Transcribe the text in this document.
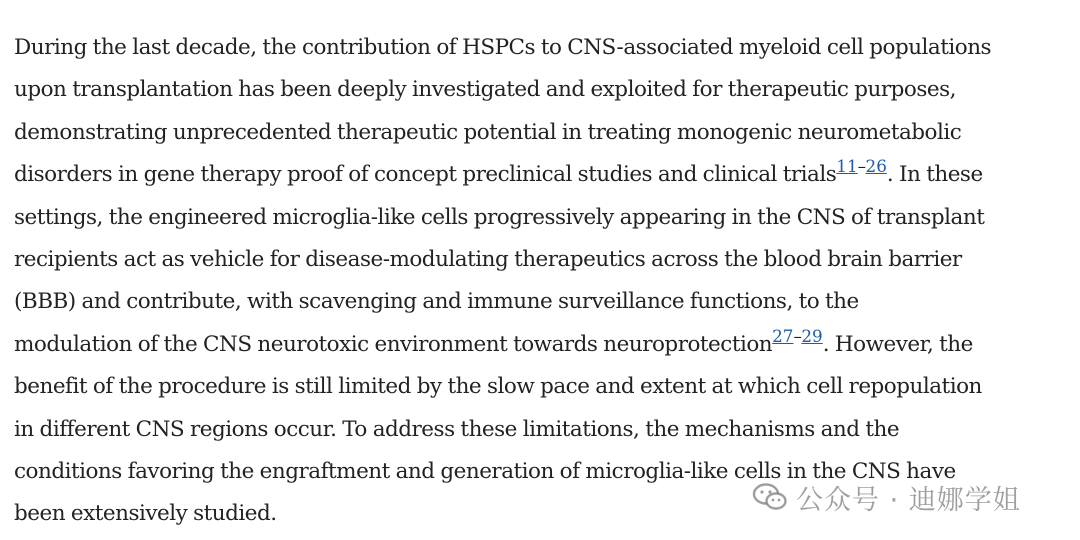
During the last decade, the contribution of HSPCs to CNS-associated myeloid cell populations
upon transplantation has been deeply investigated and exploited for therapeutic purposes,
demonstrating unprecedented therapeutic potential in treating monogenic neurometabolic
disorders in gene therapy proof of concept preclinical studies and clinical trials$^{11-26}$. In these
settings, the engineered microglia-like cells progressively appearing in the CNS of transplant
recipients act as vehicle for disease-modulating therapeutics across the blood brain barrier
(BBB) and contribute, with scavenging and immune surveillance functions, to the
modulation of the CNS neurotoxic environment towards neuroprotection$^{27-29}$. However, the
benefit of the procedure is still limited by the slow pace and extent at which cell repopulation
in different CNS regions occur. To address these limitations, the mechanisms and the
conditions favoring the engraftment and generation of microglia-like cells in the CNS have
been extensively studied.	公众号 · 迪娜学姐
